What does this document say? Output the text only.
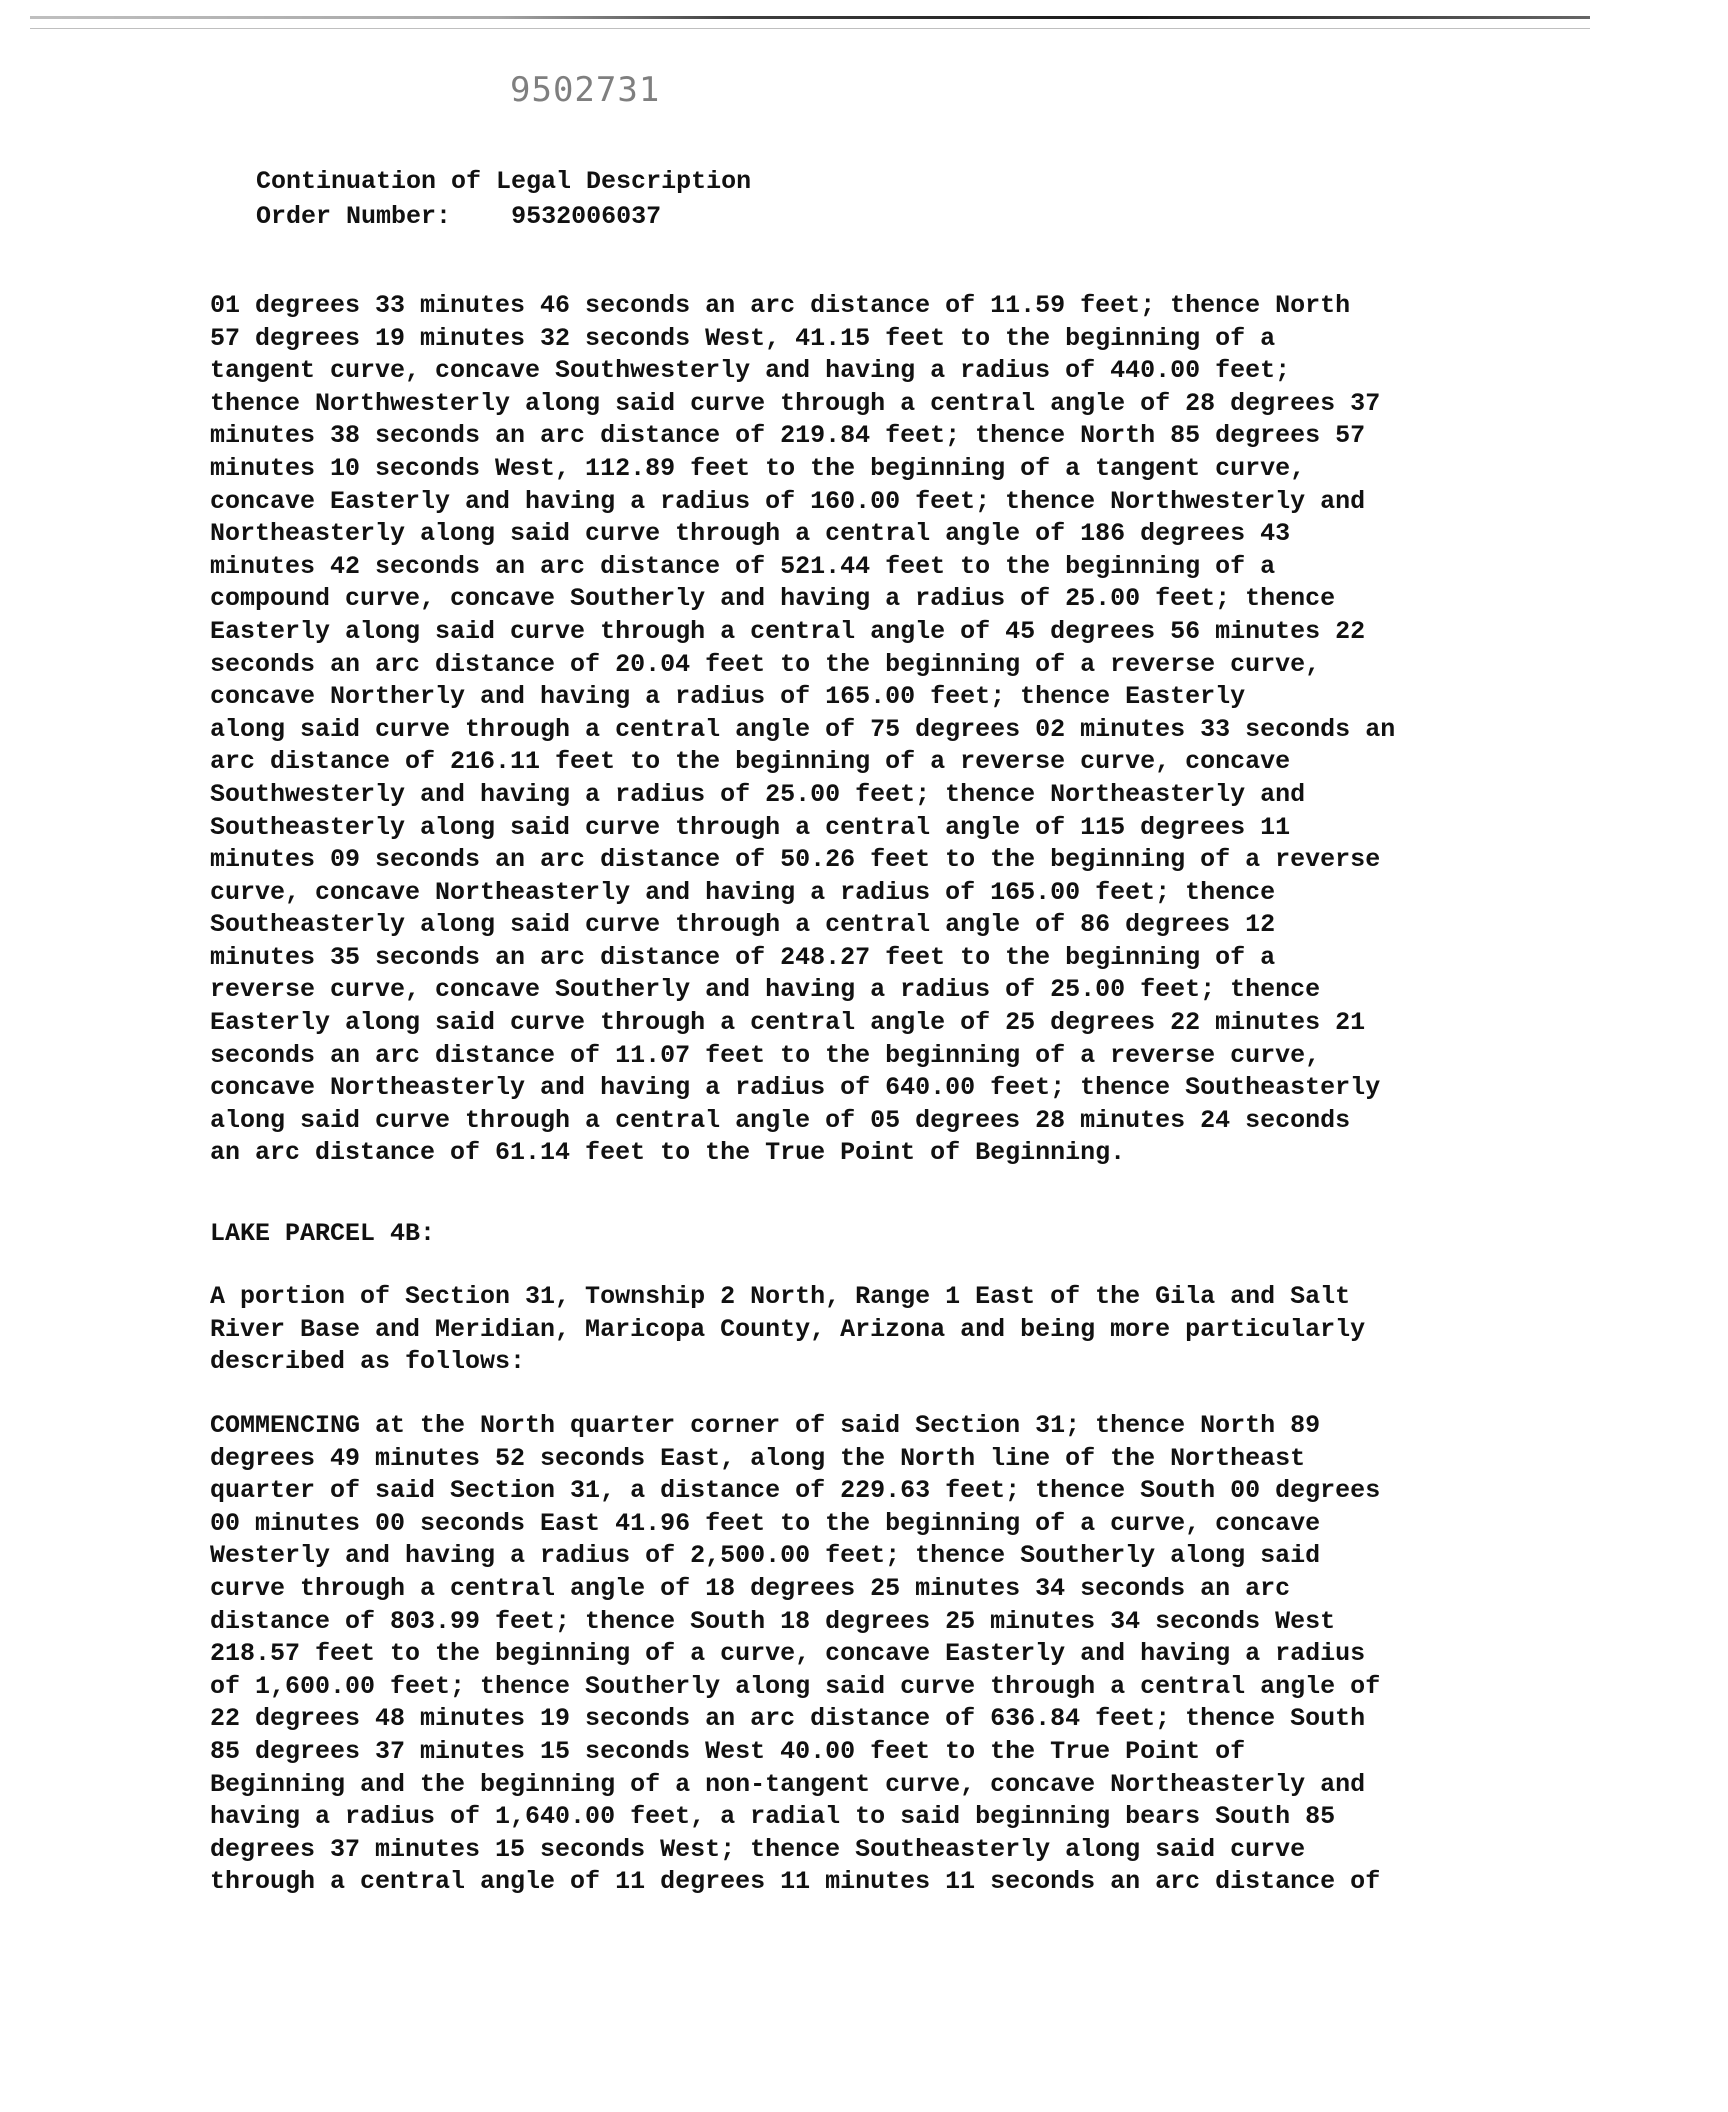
9502731
Continuation of Legal Description
Order Number: 9532006037
01 degrees 33 minutes 46 seconds an arc distance of 11.59 feet; thence North
57 degrees 19 minutes 32 seconds West, 41.15 feet to the beginning of a
tangent curve, concave Southwesterly and having a radius of 440.00 feet;
thence Northwesterly along said curve through a central angle of 28 degrees 37
minutes 38 seconds an arc distance of 219.84 feet; thence North 85 degrees 57
minutes 10 seconds West, 112.89 feet to the beginning of a tangent curve,
concave Easterly and having a radius of 160.00 feet; thence Northwesterly and
Northeasterly along said curve through a central angle of 186 degrees 43
minutes 42 seconds an arc distance of 521.44 feet to the beginning of a
compound curve, concave Southerly and having a radius of 25.00 feet; thence
Easterly along said curve through a central angle of 45 degrees 56 minutes 22
seconds an arc distance of 20.04 feet to the beginning of a reverse curve,
concave Northerly and having a radius of 165.00 feet; thence Easterly
along said curve through a central angle of 75 degrees 02 minutes 33 seconds an
arc distance of 216.11 feet to the beginning of a reverse curve, concave
Southwesterly and having a radius of 25.00 feet; thence Northeasterly and
Southeasterly along said curve through a central angle of 115 degrees 11
minutes 09 seconds an arc distance of 50.26 feet to the beginning of a reverse
curve, concave Northeasterly and having a radius of 165.00 feet; thence
Southeasterly along said curve through a central angle of 86 degrees 12
minutes 35 seconds an arc distance of 248.27 feet to the beginning of a
reverse curve, concave Southerly and having a radius of 25.00 feet; thence
Easterly along said curve through a central angle of 25 degrees 22 minutes 21
seconds an arc distance of 11.07 feet to the beginning of a reverse curve,
concave Northeasterly and having a radius of 640.00 feet; thence Southeasterly
along said curve through a central angle of 05 degrees 28 minutes 24 seconds
an arc distance of 61.14 feet to the True Point of Beginning.
LAKE PARCEL 4B:
A portion of Section 31, Township 2 North, Range 1 East of the Gila and Salt
River Base and Meridian, Maricopa County, Arizona and being more particularly
described as follows:
COMMENCING at the North quarter corner of said Section 31; thence North 89
degrees 49 minutes 52 seconds East, along the North line of the Northeast
quarter of said Section 31, a distance of 229.63 feet; thence South 00 degrees
00 minutes 00 seconds East 41.96 feet to the beginning of a curve, concave
Westerly and having a radius of 2,500.00 feet; thence Southerly along said
curve through a central angle of 18 degrees 25 minutes 34 seconds an arc
distance of 803.99 feet; thence South 18 degrees 25 minutes 34 seconds West
218.57 feet to the beginning of a curve, concave Easterly and having a radius
of 1,600.00 feet; thence Southerly along said curve through a central angle of
22 degrees 48 minutes 19 seconds an arc distance of 636.84 feet; thence South
85 degrees 37 minutes 15 seconds West 40.00 feet to the True Point of
Beginning and the beginning of a non-tangent curve, concave Northeasterly and
having a radius of 1,640.00 feet, a radial to said beginning bears South 85
degrees 37 minutes 15 seconds West; thence Southeasterly along said curve
through a central angle of 11 degrees 11 minutes 11 seconds an arc distance of
